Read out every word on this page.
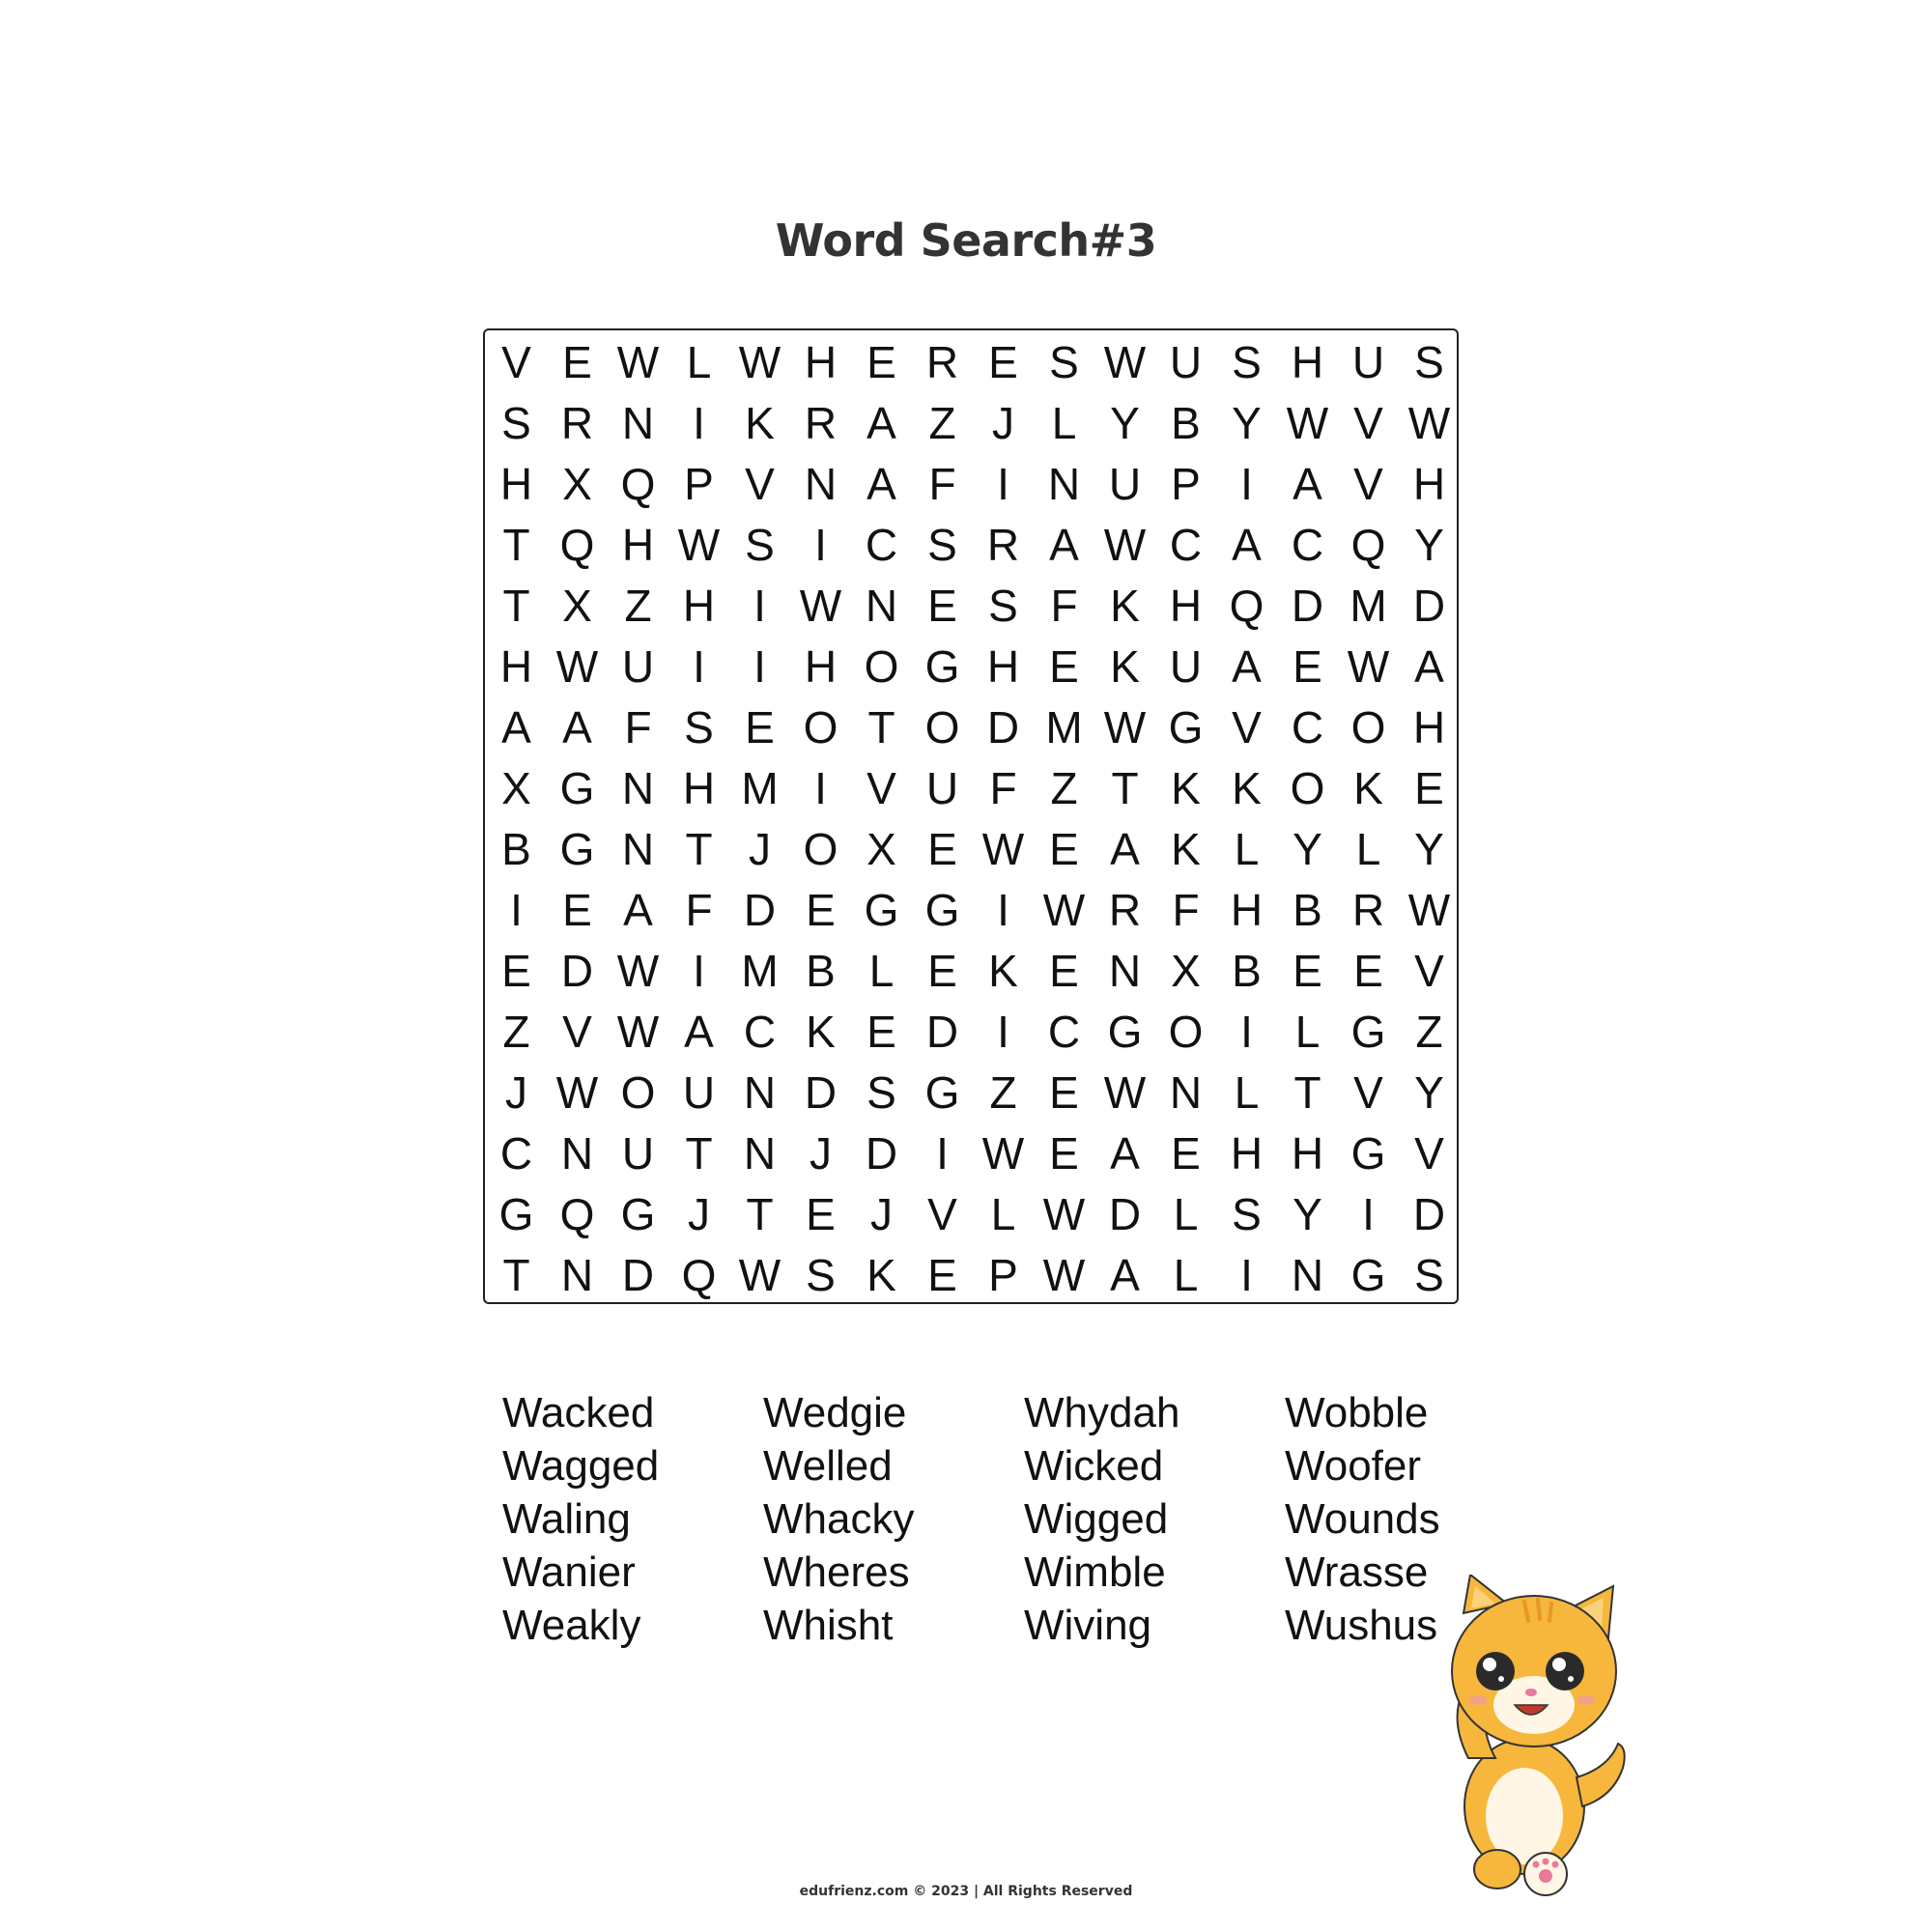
Word Search#3
V E W L W H E R E S W U S H U S
S R N I K R A Z J L Y B Y W V W
H X Q P V N A F I N U P I A V H
T Q H W S I C S R A W C A C Q Y
T X Z H I W N E S F K H Q D M D
H W U I	I H O G H E K U A E W A
A A F S E O T O D M W G V C O H
X G N H M I V U F Z T K K O K E
B G N T J O X E W E A K L Y L Y
I E A F D E G G I W R F H B R W
E D W I M B L E K E N X B E E V
Z V W A C K E D I C G O I L G Z
J W O U N D S G Z E W N L T V Y
C N U T N J D I W E A E H H G V
G Q G J T E J V L W D L S Y I D
T N D Q W S K E P W A L I N G S
Wacked
Wagged
Waling
Wanier
Weakly
Wedgie
Welled
Whacky
Wheres
Whisht
Whydah
Wicked
Wigged
Wimble
Wiving
Wobble
Woofer
Wounds
Wrasse
Wushus
edufrienz.com © 2023 | All Rights Reserved
